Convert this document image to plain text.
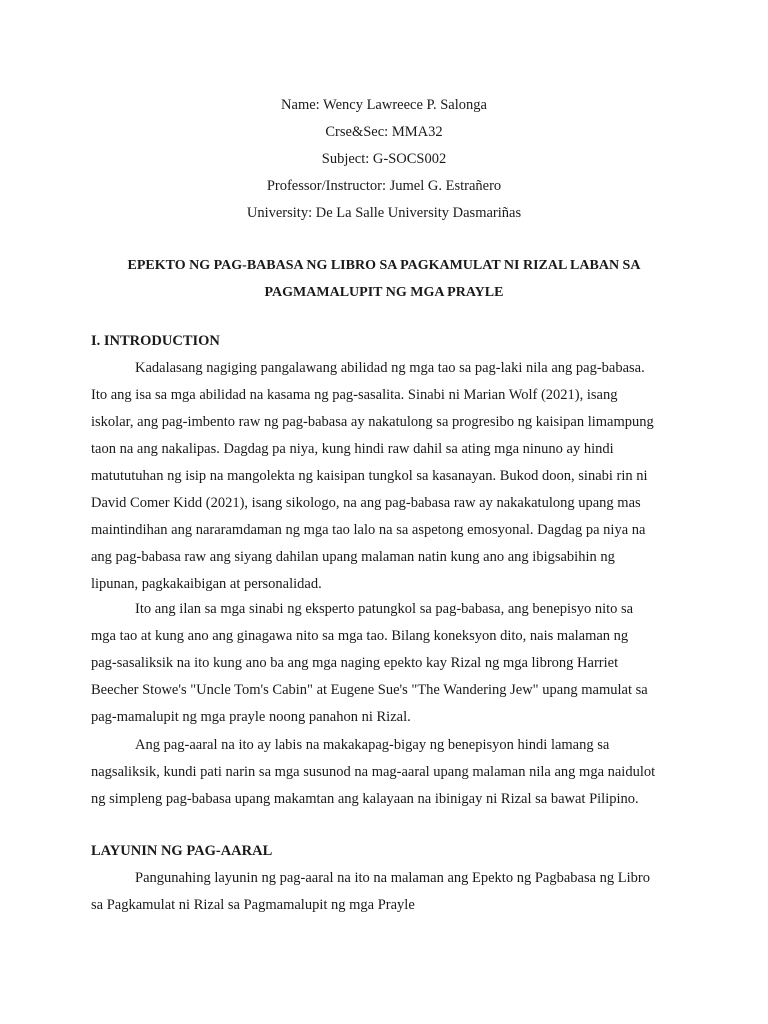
Name: Wency Lawreece P. Salonga
Crse&Sec: MMA32
Subject: G-SOCS002
Professor/Instructor: Jumel G. Estrañero
University: De La Salle University Dasmariñas
EPEKTO NG PAG-BABASA NG LIBRO SA PAGKAMULAT NI RIZAL LABAN SA
PAGMAMALUPIT NG MGA PRAYLE
I. INTRODUCTION
Kadalasang nagiging pangalawang abilidad ng mga tao sa pag-laki nila ang pag-babasa.
Ito ang isa sa mga abilidad na kasama ng pag-sasalita. Sinabi ni Marian Wolf (2021), isang
iskolar, ang pag-imbento raw ng pag-babasa ay nakatulong sa progresibo ng kaisipan limampung
taon na ang nakalipas. Dagdag pa niya, kung hindi raw dahil sa ating mga ninuno ay hindi
matututuhan ng isip na mangolekta ng kaisipan tungkol sa kasanayan. Bukod doon, sinabi rin ni
David Comer Kidd (2021), isang sikologo, na ang pag-babasa raw ay nakakatulong upang mas
maintindihan ang nararamdaman ng mga tao lalo na sa aspetong emosyonal. Dagdag pa niya na
ang pag-babasa raw ang siyang dahilan upang malaman natin kung ano ang ibigsabihin ng
lipunan, pagkakaibigan at personalidad.
Ito ang ilan sa mga sinabi ng eksperto patungkol sa pag-babasa, ang benepisyo nito sa
mga tao at kung ano ang ginagawa nito sa mga tao. Bilang koneksyon dito, nais malaman ng
pag-sasaliksik na ito kung ano ba ang mga naging epekto kay Rizal ng mga librong Harriet
Beecher Stowe's "Uncle Tom's Cabin" at Eugene Sue's "The Wandering Jew" upang mamulat sa
pag-mamalupit ng mga prayle noong panahon ni Rizal.
Ang pag-aaral na ito ay labis na makakapag-bigay ng benepisyon hindi lamang sa
nagsaliksik, kundi pati narin sa mga susunod na mag-aaral upang malaman nila ang mga naidulot
ng simpleng pag-babasa upang makamtan ang kalayaan na ibinigay ni Rizal sa bawat Pilipino.
LAYUNIN NG PAG-AARAL
Pangunahing layunin ng pag-aaral na ito na malaman ang Epekto ng Pagbabasa ng Libro
sa Pagkamulat ni Rizal sa Pagmamalupit ng mga Prayle
